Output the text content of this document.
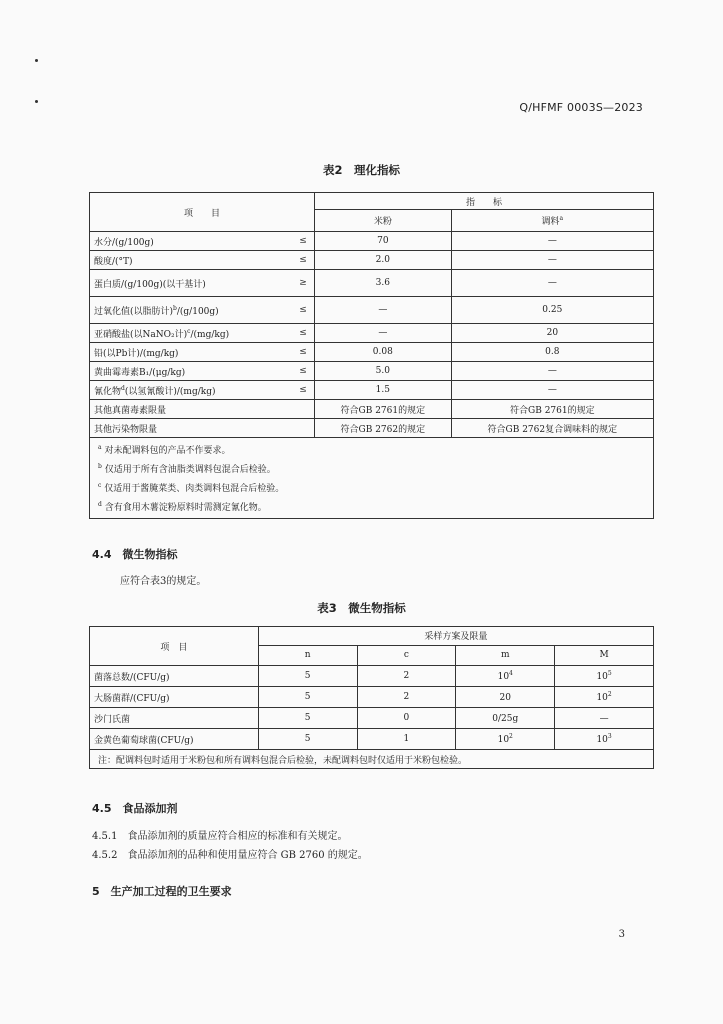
Q/HFMF 0003S—2023
表2　理化指标
项　　目		指　　标	
		米粉	调料$^a$
水分/(g/100g)	≤	70	—
酸度/(°T)	≤	2.0	—
蛋白质/(g/100g)(以干基计)	≥	3.6	—
过氧化值(以脂肪计)$^b$/(g/100g)	≤	—	0.25
亚硝酸盐(以NaNO₂计)$^c$/(mg/kg)	≤	—	20
铅(以Pb计)/(mg/kg)	≤	0.08	0.8
黄曲霉毒素B₁/(μg/kg)	≤	5.0	—
氰化物$^d$(以氢氰酸计)/(mg/kg)	≤	1.5	—
其他真菌毒素限量		符合GB 2761的规定	符合GB 2761的规定
其他污染物限量		符合GB 2762的规定	符合GB 2762复合调味料的规定

$^a$ 对未配调料包的产品不作要求。
$^b$ 仅适用于所有含油脂类调料包混合后检验。
$^c$ 仅适用于酱腌菜类、肉类调料包混合后检验。
$^d$ 含有食用木薯淀粉原料时需测定氰化物。			
4.4　微生物指标
应符合表3的规定。
表3　微生物指标
项　目	采样方案及限量			
	n	c	m	M
菌落总数/(CFU/g)	5	2	$10^4$	$10^5$
大肠菌群/(CFU/g)	5	2	20	$10^2$
沙门氏菌	5	0	0/25g	—
金黄色葡萄球菌(CFU/g)	5	1	$10^2$	$10^3$
注：配调料包时适用于米粉包和所有调料包混合后检验，未配调料包时仅适用于米粉包检验。				
4.5　食品添加剂
4.5.1　 食品添加剂的质量应符合相应的标准和有关规定。
4.5.2　 食品添加剂的品种和使用量应符合 GB 2760 的规定。
5　生产加工过程的卫生要求
3
